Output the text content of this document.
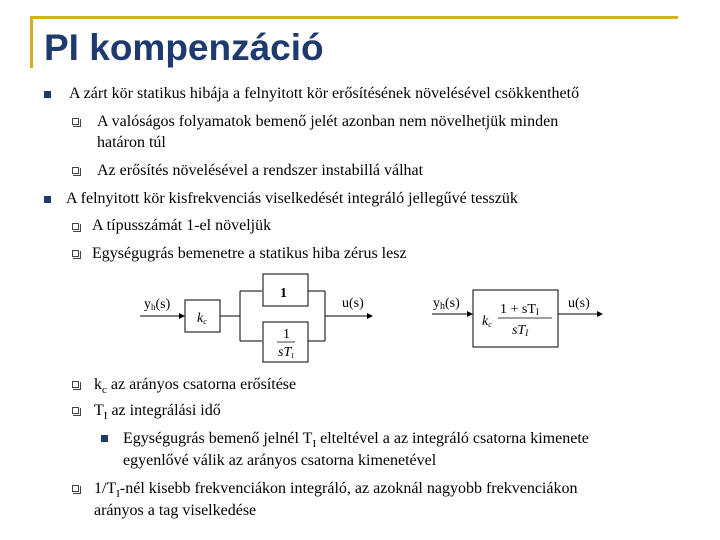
PI kompenzáció
A zárt kör statikus hibája a felnyitott kör erősítésének növelésével csökkenthető
A valóságos folyamatok bemenő jelét azonban nem növelhetjük minden
határon túl
Az erősítés növelésével a rendszer instabillá válhat
A felnyitott kör kisfrekvenciás viselkedését integráló jellegűvé tesszük
A típusszámát 1-el növeljük
Egységugrás bemenetre a statikus hiba zérus lesz
kc
1
1
sTI
yh(s)	u(s)
kc
1 + sTI
sTI
yh(s)	u(s)
$k_c$ az arányos csatorna erősítése
$T_I$ az integrálási idő
Egységugrás bemenő jelnél $T_I$ elteltével a az integráló csatorna kimenete
egyenlővé válik az arányos csatorna kimenetével
$1/T_I$-nél kisebb frekvenciákon integráló, az azoknál nagyobb frekvenciákon
arányos a tag viselkedése
